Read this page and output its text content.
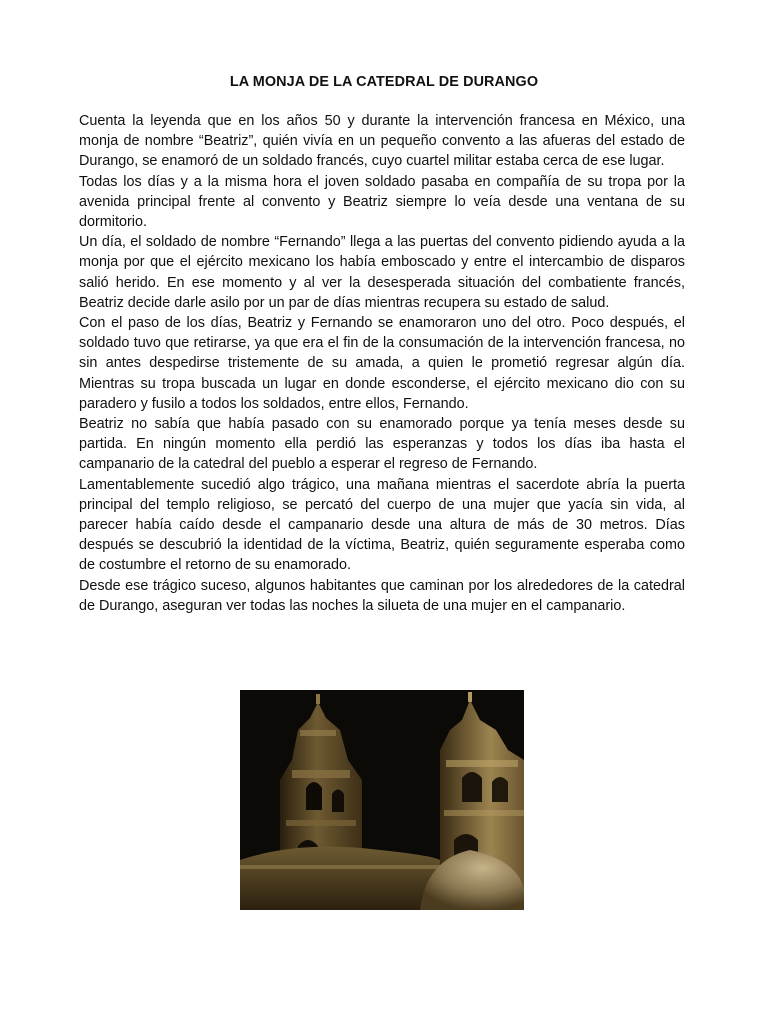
LA MONJA DE LA CATEDRAL DE DURANGO

Cuenta la leyenda que en los años 50 y durante la intervención francesa en México, una monja de nombre “Beatriz”, quién vivía en un pequeño convento a las afueras del estado de Durango, se enamoró de un soldado francés, cuyo cuartel militar estaba cerca de ese lugar.

Todas los días y a la misma hora el joven soldado pasaba en compañía de su tropa por la avenida principal frente al convento y Beatriz siempre lo veía desde una ventana de su dormitorio.

Un día, el soldado de nombre “Fernando” llega a las puertas del convento pidiendo ayuda a la monja por que el ejército mexicano los había emboscado y entre el intercambio de disparos salió herido. En ese momento y al ver la desesperada situación del combatiente francés, Beatriz decide darle asilo por un par de días mientras recupera su estado de salud.

Con el paso de los días, Beatriz y Fernando se enamoraron uno del otro. Poco después, el soldado tuvo que retirarse, ya que era el fin de la consumación de la intervención francesa, no sin antes despedirse tristemente de su amada, a quien le prometió regresar algún día. Mientras su tropa buscada un lugar en donde esconderse, el ejército mexicano dio con su paradero y fusilo a todos los soldados, entre ellos, Fernando.

Beatriz no sabía que había pasado con su enamorado porque ya tenía meses desde su partida. En ningún momento ella perdió las esperanzas y todos los días iba hasta el campanario de la catedral del pueblo a esperar el regreso de Fernando.

Lamentablemente sucedió algo trágico, una mañana mientras el sacerdote abría la puerta principal del templo religioso, se percató del cuerpo de una mujer que yacía sin vida, al parecer había caído desde el campanario desde una altura de más de 30 metros. Días después se descubrió la identidad de la víctima, Beatriz, quién seguramente esperaba como de costumbre el retorno de su enamorado.

Desde ese trágico suceso, algunos habitantes que caminan por los alrededores de la catedral de Durango, aseguran ver todas las noches la silueta de una mujer en el campanario.
